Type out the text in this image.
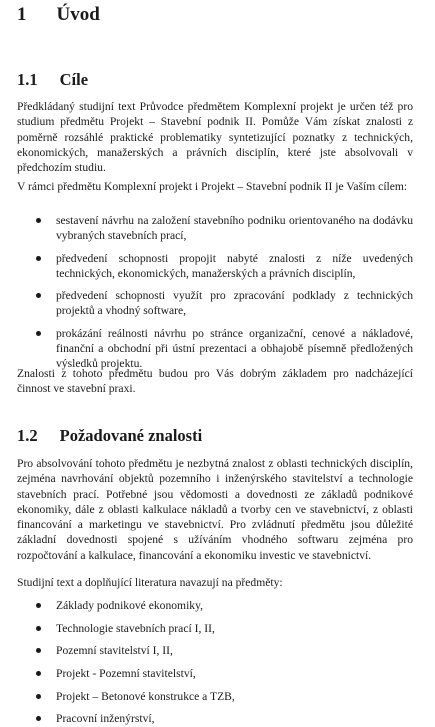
1 Úvod
1.1 Cíle

Předkládaný studijní text Průvodce předmětem Komplexní projekt je určen též pro studium předmětu Projekt – Stavební podnik II. Pomůže Vám získat znalosti z poměrně rozsáhlé praktické problematiky syntetizující poznatky z technických, ekonomických, manažerských a právních disciplín, které jste absolvovali v předchozím studiu.

V rámci předmětu Komplexní projekt i Projekt – Stavební podnik II je Vaším cílem:

sestavení návrhu na založení stavebního podniku orientovaného na dodávku vybraných stavebních prací,
předvedení schopnosti propojit nabyté znalosti z níže uvedených technických, ekonomických, manažerských a právních disciplín,
předvedení schopnosti využít pro zpracování podklady z technických projektů a vhodný software,
prokázání reálnosti návrhu po stránce organizační, cenové a nákladové, finanční a obchodní při ústní prezentaci a obhajobě písemně předložených výsledků projektu.

Znalosti z tohoto předmětu budou pro Vás dobrým základem pro nadcházející činnost ve stavební praxi.

1.2 Požadované znalosti

Pro absolvování tohoto předmětu je nezbytná znalost z oblasti technických disciplín, zejména navrhování objektů pozemního i inženýrského stavitelství a technologie stavebních prací. Potřebné jsou vědomosti a dovednosti ze základů podnikové ekonomiky, dále z oblasti kalkulace nákladů a tvorby cen ve stavebnictví, z oblasti financování a marketingu ve stavebnictví. Pro zvládnutí předmětu jsou důležité základní dovednosti spojené s užíváním vhodného softwaru zejména pro rozpočtování a kalkulace, financování a ekonomiku investic ve stavebnictví.

Studijní text a doplňující literatura navazují na předměty:

Základy podnikové ekonomiky,
Technologie stavebních prací I, II,
Pozemní stavitelství I, II,
Projekt - Pozemní stavitelství,
Projekt – Betonové konstrukce a TZB,
Pracovní inženýrství,
